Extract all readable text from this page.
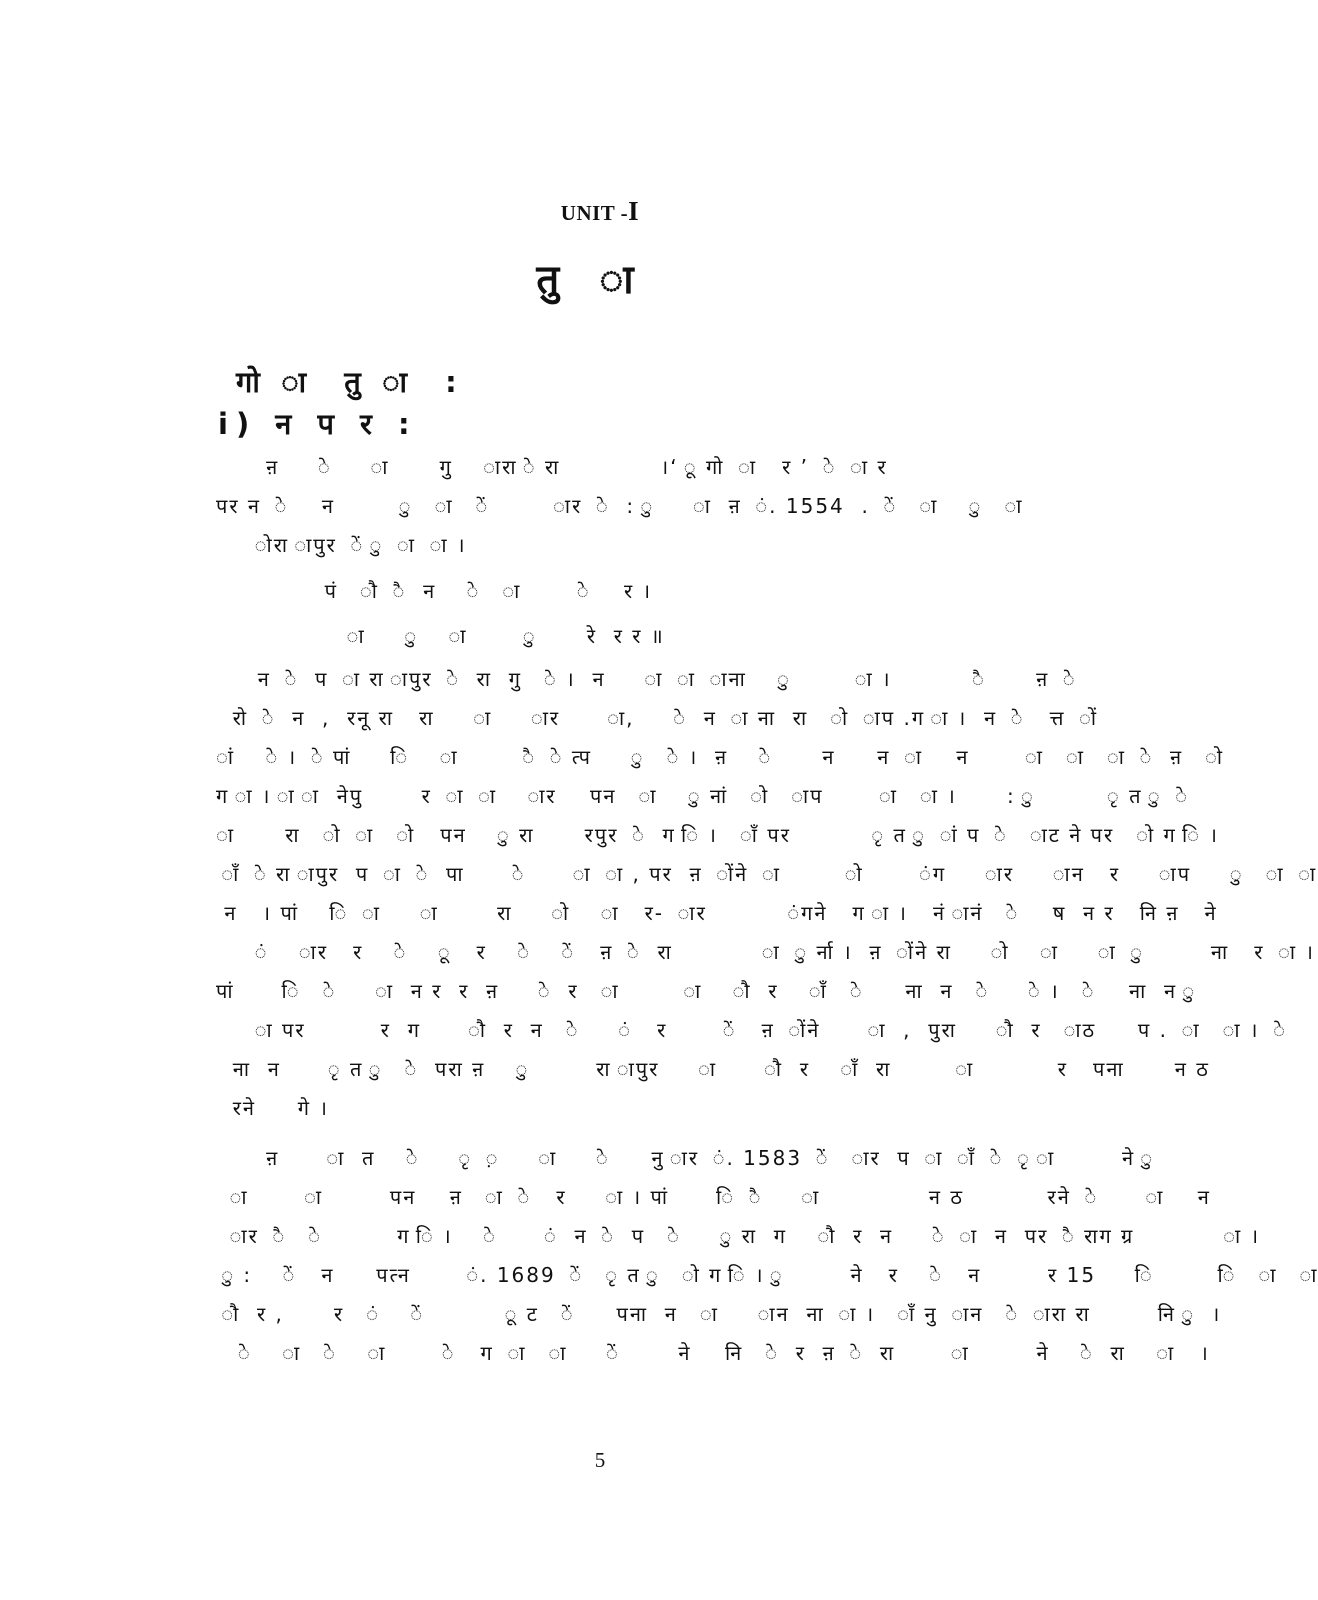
UNIT -I
तु ा
गो ा तु ा :
i) न प र :
ऩ     े     ा      गु    ारा े रा            ।‘ ू गो  ा   र ’  े  ा र
पर न  े    न        ु   ा   ें        ार  े  : ु     ा  ऩ  ं. 1554  .  ें   ा    ु   ा
ोरा ापुर  ें ु  ा  ा ।
पं   ौ  ै  न    े   ा       े    र ।
ा     ु    ा       ु      रे  र र ॥
न  े  प  ा रा ापुर  े  रा  गु   े ।  न     ा  ा  ाना    ु        ा ।          ै      ऩ  े
रो  े  न  ,  रनू रा   रा     ा     ार      ा,     े  न  ा ना  रा   ो  ाप .ग ा ।  न  े   त्त  ों
ां    े ।  े पां     ि    ा        ै  े त्प     ु   े ।  ऩ    े      न     न  ा    न       ा   ा   ा  े  ऩ   ो
ग ा । ा ा  नेपु       र  ा  ा    ार    पन   ा    ु नां   ो   ाप       ा   ा ।      : ु         ृ त ु  े
ा      रा   ो  ा   ो   पन    ु रा      रपुर  े  ग ि ।   ाँ पर          ृ त ु  ां प  े   ाट ने पर   ो ग ि ।
ाँ  े रा ापुर  प  ा  े  पा      े      ा  ा , पर  ऩ  ोंने  ा        ो       ंग     ार     ान   र     ाप     ु   ा  ा
न   । पां    ि  ा     ा       रा     ो    ा   र-  ार          ंगने   ग ा ।   नं ानं   े    ष  न र   नि ऩ   ने
ं    ार   र    े    ू   र    े    ें   ऩ  े  रा           ा  ु र्ना ।  ऩ  ोंने रा     ो    ा     ा  ु        ना   र  ा ।
पां      ि   े     ा  न र  र  ऩ     े  र   ा        ा    ौ  र    ाँ   े     ना  न   े     े ।   े    ना  न ु
ा पर         र  ग      ौ  र  न   े     ं   र       ें   ऩ  ोंने      ा  ,  पुरा     ौ  र   ाठ     प .  ा   ा ।  े
ना  न      ृ त ु   े  परा ऩ    ु        रा ापुर     ा      ौ  र    ाँ  रा        ा          र   पना      न ठ
रने     गे ।
ऩ      ा  त    े     ृ  ़     ा     े     नु ार  ं. 1583  ें   ार  प  ा  ाँ  े  ृ ा        ने ु
ा       ा        पन    ऩ   ा  े   र     ा । पां      ि  ै     ा             न ठ          रने  े      ा    न
ार  ै   े         ग ि ।    े      ं  न  े  प   े     ु रा  ग    ौ  र  न     े  ा  न  पर  ै राग ग्र           ा ।
ु :    ें   न     पत्न       ं. 1689  ें   ृ त ु   ो ग ि । ु        ने   र    े   न        र 15     ि        ि   ा   ा
ौ  र ,      र   ं    ें          ू ट   ें     पना  न   ा     ान  ना  ा ।   ाँ नु  ान   े  ारा रा        नि ु  ।
े    ा   े    ा       े   ग  ा   ा     ें       ने    नि   े  र  ऩ  े  रा       ा        ने    े  रा    ा   ।
5
